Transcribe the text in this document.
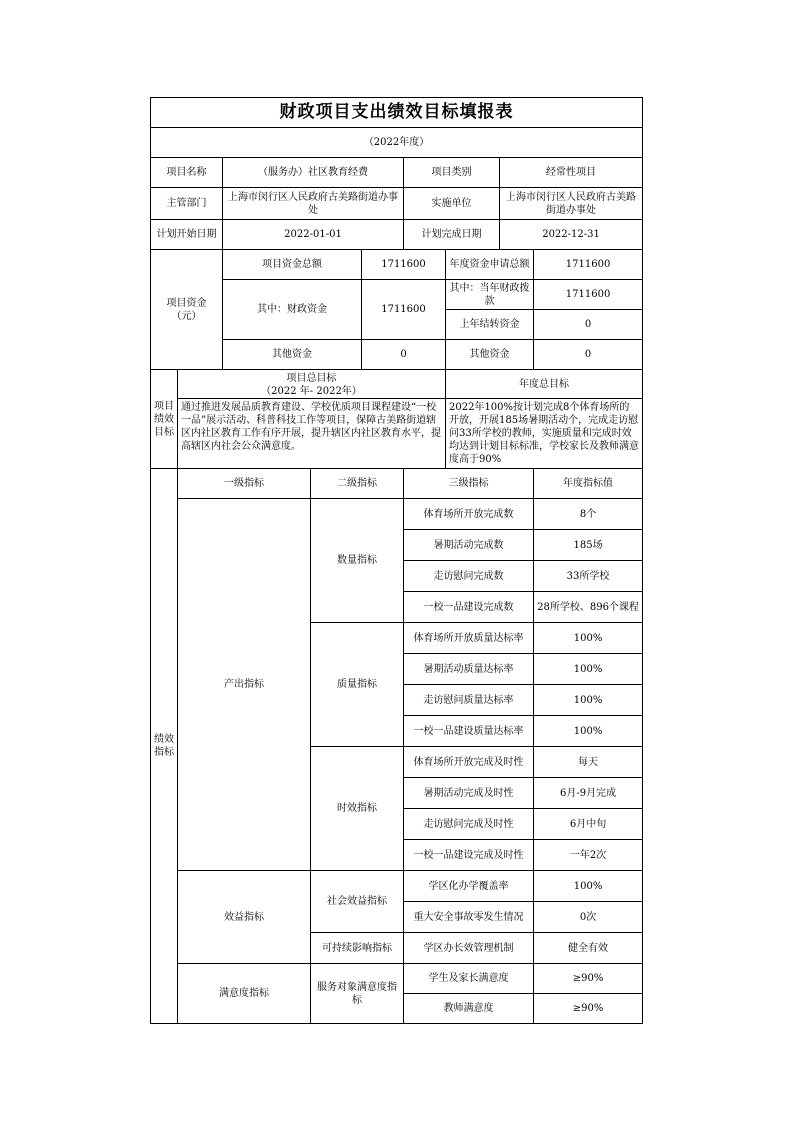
财政项目支出绩效目标填报表								
（2022年度）								
项目名称		（服务办）社区教育经费			项目类别		经常性项目	
主管部门		上海市闵行区人民政府古美路街道办事处			实施单位		上海市闵行区人民政府古美路街道办事处	
计划开始日期		2022-01-01			计划完成日期		2022-12-31	
项目资金
（元）		项目资金总额		1711600		年度资金申请总额		1711600
		其中：财政资金		1711600		其中：当年财政拨款		1711600
						上年结转资金		0
		其他资金		0		其他资金		0
项目
绩效
目标	项目总目标
（2022 年- 2022年）					年度总目标		
	通过推进发展品质教育建设、学校优质项目课程建设“一校一品”展示活动、科普科技工作等项目，保障古美路街道辖区内社区教育工作有序开展，提升辖区内社区教育水平，提高辖区内社会公众满意度。					2022年100%按计划完成8个体育场所的开放，开展185场暑期活动个，完成走访慰问33所学校的教师，实施质量和完成时效均达到计划目标标准，学校家长及教师满意度高于90%		
绩效
指标	一级指标		二级指标		三级指标			年度指标值
	产出指标		数量指标		体育场所开放完成数			8个
					暑期活动完成数			185场
					走访慰问完成数			33所学校
					一校一品建设完成数			28所学校、896个课程
			质量指标		体育场所开放质量达标率			100%
					暑期活动质量达标率			100%
					走访慰问质量达标率			100%
					一校一品建设质量达标率			100%
			时效指标		体育场所开放完成及时性			每天
					暑期活动完成及时性			6月-9月完成
					走访慰问完成及时性			6月中旬
					一校一品建设完成及时性			一年2次
	效益指标		社会效益指标		学区化办学覆盖率			100%
					重大安全事故零发生情况			0次
			可持续影响指标		学区办长效管理机制			健全有效
	满意度指标		服务对象满意度指标		学生及家长满意度			≥90%
					教师满意度			≥90%
